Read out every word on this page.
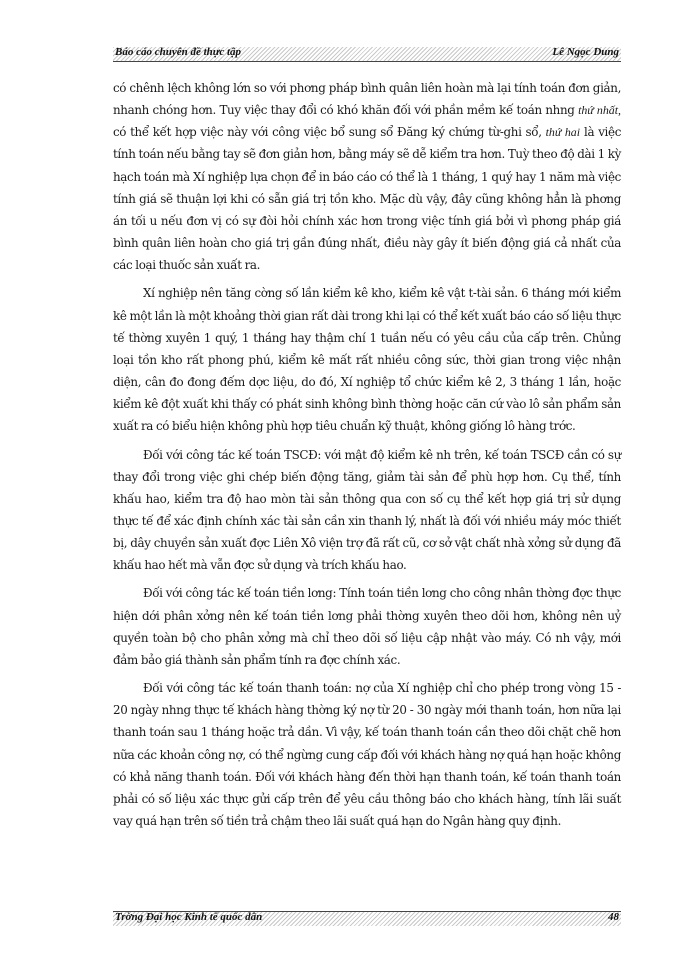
Báo cáo chuyên đề thực tập	Lê Ngọc Dung

có chênh lệch không lớn so với phơng pháp bình quân liên hoàn mà lại tính toán đơn giản, nhanh chóng hơn. Tuy việc thay đổi có khó khăn đối với phần mềm kế toán nhng thứ nhất, có thể kết hợp việc này với công việc bổ sung sổ Đăng ký chứng từ-ghi sổ, thứ hai là việc tính toán nếu bằng tay sẽ đơn giản hơn, bằng máy sẽ dễ kiểm tra hơn. Tuỳ theo độ dài 1 kỳ hạch toán mà Xí nghiệp lựa chọn để in báo cáo có thể là 1 tháng, 1 quý hay 1 năm mà việc tính giá sẽ thuận lợi khi có sẵn giá trị tồn kho. Mặc dù vậy, đây cũng không hẳn là phơng án tối u nếu đơn vị có sự đòi hỏi chính xác hơn trong việc tính giá bởi vì phơng pháp giá bình quân liên hoàn cho giá trị gần đúng nhất, điều này gây ít biến động giá cả nhất của các loại thuốc sản xuất ra.

Xí nghiệp nên tăng cờng số lần kiểm kê kho, kiểm kê vật t-tài sản. 6 tháng mới kiểm kê một lần là một khoảng thời gian rất dài trong khi lại có thể kết xuất báo cáo số liệu thực tế thờng xuyên 1 quý, 1 tháng hay thậm chí 1 tuần nếu có yêu cầu của cấp trên. Chủng loại tồn kho rất phong phú, kiểm kê mất rất nhiều công sức, thời gian trong việc nhận diện, cân đo đong đếm dợc liệu, do đó, Xí nghiệp tổ chức kiểm kê 2, 3 tháng 1 lần, hoặc kiểm kê đột xuất khi thấy có phát sinh không bình thờng hoặc căn cứ vào lô sản phẩm sản xuất ra có biểu hiện không phù hợp tiêu chuẩn kỹ thuật, không giống lô hàng trớc.

Đối với công tác kế toán TSCĐ: với mật độ kiểm kê nh trên, kế toán TSCĐ cần có sự thay đổi trong việc ghi chép biến động tăng, giảm tài sản để phù hợp hơn. Cụ thể, tính khấu hao, kiểm tra độ hao mòn tài sản thông qua con số cụ thể kết hợp giá trị sử dụng thực tế để xác định chính xác tài sản cần xin thanh lý, nhất là đối với nhiều máy móc thiết bị, dây chuyền sản xuất đợc Liên Xô viện trợ đã rất cũ, cơ sở vật chất nhà xởng sử dụng đã khấu hao hết mà vẫn đợc sử dụng và trích khấu hao.

Đối với công tác kế toán tiền lơng: Tính toán tiền lơng cho công nhân thờng đợc thực hiện dới phân xởng nên kế toán tiền lơng phải thờng xuyên theo dõi hơn, không nên uỷ quyền toàn bộ cho phân xởng mà chỉ theo dõi số liệu cập nhật vào máy. Có nh vậy, mới đảm bảo giá thành sản phẩm tính ra đợc chính xác.

Đối với công tác kế toán thanh toán: nợ của Xí nghiệp chỉ cho phép trong vòng 15 - 20 ngày nhng thực tế khách hàng thờng ký nợ từ 20 - 30 ngày mới thanh toán, hơn nữa lại thanh toán sau 1 tháng hoặc trả dần. Vì vậy, kế toán thanh toán cần theo dõi chặt chẽ hơn nữa các khoản công nợ, có thể ngừng cung cấp đối với khách hàng nợ quá hạn hoặc không có khả năng thanh toán. Đối với khách hàng đến thời hạn thanh toán, kế toán thanh toán phải có số liệu xác thực gửi cấp trên để yêu cầu thông báo cho khách hàng, tính lãi suất vay quá hạn trên số tiền trả chậm theo lãi suất quá hạn do Ngân hàng quy định.

Trờng Đại học Kinh tế quốc dân	48
